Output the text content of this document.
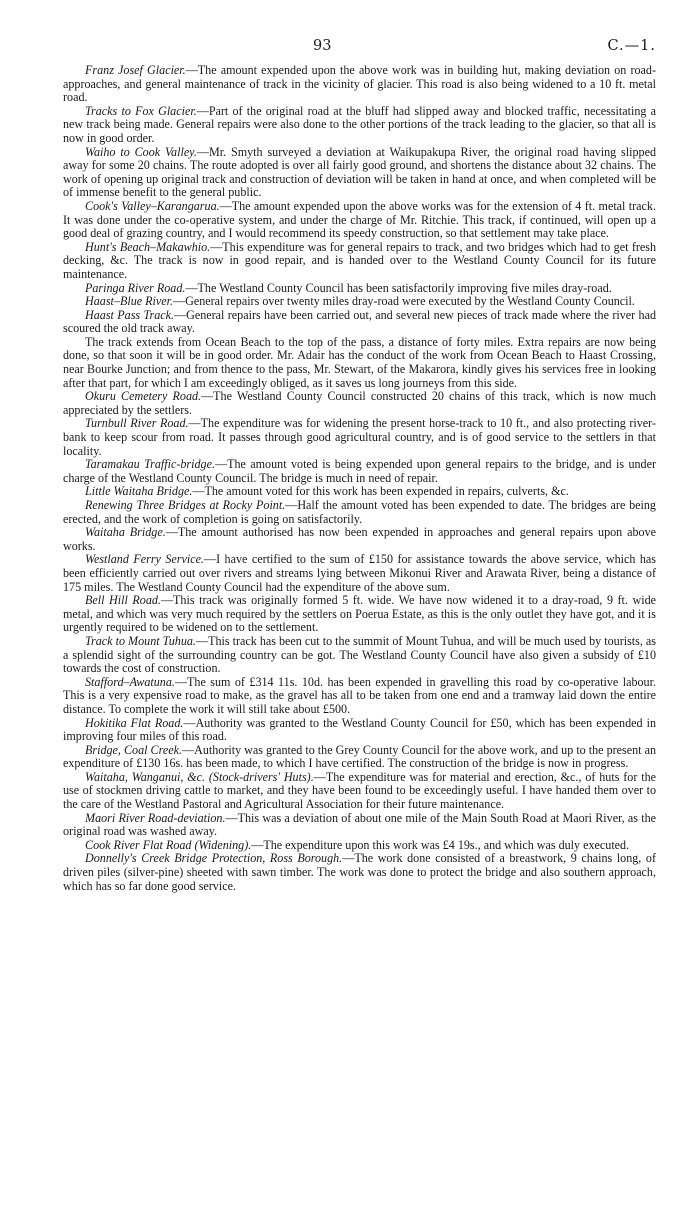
93	C.—1.

Franz Josef Glacier.—The amount expended upon the above work was in building hut, making deviation on road-approaches, and general maintenance of track in the vicinity of glacier. This road is also being widened to a 10 ft. metal road.

Tracks to Fox Glacier.—Part of the original road at the bluff had slipped away and blocked traffic, necessitating a new track being made. General repairs were also done to the other portions of the track leading to the glacier, so that all is now in good order.

Waiho to Cook Valley.—Mr. Smyth surveyed a deviation at Waikupakupa River, the original road having slipped away for some 20 chains. The route adopted is over all fairly good ground, and shortens the distance about 32 chains. The work of opening up original track and construction of deviation will be taken in hand at once, and when completed will be of immense benefit to the general public.

Cook's Valley–Karangarua.—The amount expended upon the above works was for the extension of 4 ft. metal track. It was done under the co-operative system, and under the charge of Mr. Ritchie. This track, if continued, will open up a good deal of grazing country, and I would recommend its speedy construction, so that settlement may take place.

Hunt's Beach–Makawhio.—This expenditure was for general repairs to track, and two bridges which had to get fresh decking, &c. The track is now in good repair, and is handed over to the Westland County Council for its future maintenance.

Paringa River Road.—The Westland County Council has been satisfactorily improving five miles dray-road.

Haast–Blue River.—General repairs over twenty miles dray-road were executed by the Westland County Council.

Haast Pass Track.—General repairs have been carried out, and several new pieces of track made where the river had scoured the old track away.

The track extends from Ocean Beach to the top of the pass, a distance of forty miles. Extra repairs are now being done, so that soon it will be in good order. Mr. Adair has the conduct of the work from Ocean Beach to Haast Crossing, near Bourke Junction; and from thence to the pass, Mr. Stewart, of the Makarora, kindly gives his services free in looking after that part, for which I am exceedingly obliged, as it saves us long journeys from this side.

Okuru Cemetery Road.—The Westland County Council constructed 20 chains of this track, which is now much appreciated by the settlers.

Turnbull River Road.—The expenditure was for widening the present horse-track to 10 ft., and also protecting river-bank to keep scour from road. It passes through good agricultural country, and is of good service to the settlers in that locality.

Taramakau Traffic-bridge.—The amount voted is being expended upon general repairs to the bridge, and is under charge of the Westland County Council. The bridge is much in need of repair.

Little Waitaha Bridge.—The amount voted for this work has been expended in repairs, culverts, &c.

Renewing Three Bridges at Rocky Point.—Half the amount voted has been expended to date. The bridges are being erected, and the work of completion is going on satisfactorily.

Waitaha Bridge.—The amount authorised has now been expended in approaches and general repairs upon above works.

Westland Ferry Service.—I have certified to the sum of £150 for assistance towards the above service, which has been efficiently carried out over rivers and streams lying between Mikonui River and Arawata River, being a distance of 175 miles. The Westland County Council had the expenditure of the above sum.

Bell Hill Road.—This track was originally formed 5 ft. wide. We have now widened it to a dray-road, 9 ft. wide metal, and which was very much required by the settlers on Poerua Estate, as this is the only outlet they have got, and it is urgently required to be widened on to the settlement.

Track to Mount Tuhua.—This track has been cut to the summit of Mount Tuhua, and will be much used by tourists, as a splendid sight of the surrounding country can be got. The Westland County Council have also given a subsidy of £10 towards the cost of construction.

Stafford–Awatuna.—The sum of £314 11s. 10d. has been expended in gravelling this road by co-operative labour. This is a very expensive road to make, as the gravel has all to be taken from one end and a tramway laid down the entire distance. To complete the work it will still take about £500.

Hokitika Flat Road.—Authority was granted to the Westland County Council for £50, which has been expended in improving four miles of this road.

Bridge, Coal Creek.—Authority was granted to the Grey County Council for the above work, and up to the present an expenditure of £130 16s. has been made, to which I have certified. The construction of the bridge is now in progress.

Waitaha, Wanganui, &c. (Stock-drivers' Huts).—The expenditure was for material and erection, &c., of huts for the use of stockmen driving cattle to market, and they have been found to be exceedingly useful. I have handed them over to the care of the Westland Pastoral and Agricultural Association for their future maintenance.

Maori River Road-deviation.—This was a deviation of about one mile of the Main South Road at Maori River, as the original road was washed away.

Cook River Flat Road (Widening).—The expenditure upon this work was £4 19s., and which was duly executed.

Donnelly's Creek Bridge Protection, Ross Borough.—The work done consisted of a breastwork, 9 chains long, of driven piles (silver-pine) sheeted with sawn timber. The work was done to protect the bridge and also southern approach, which has so far done good service.
